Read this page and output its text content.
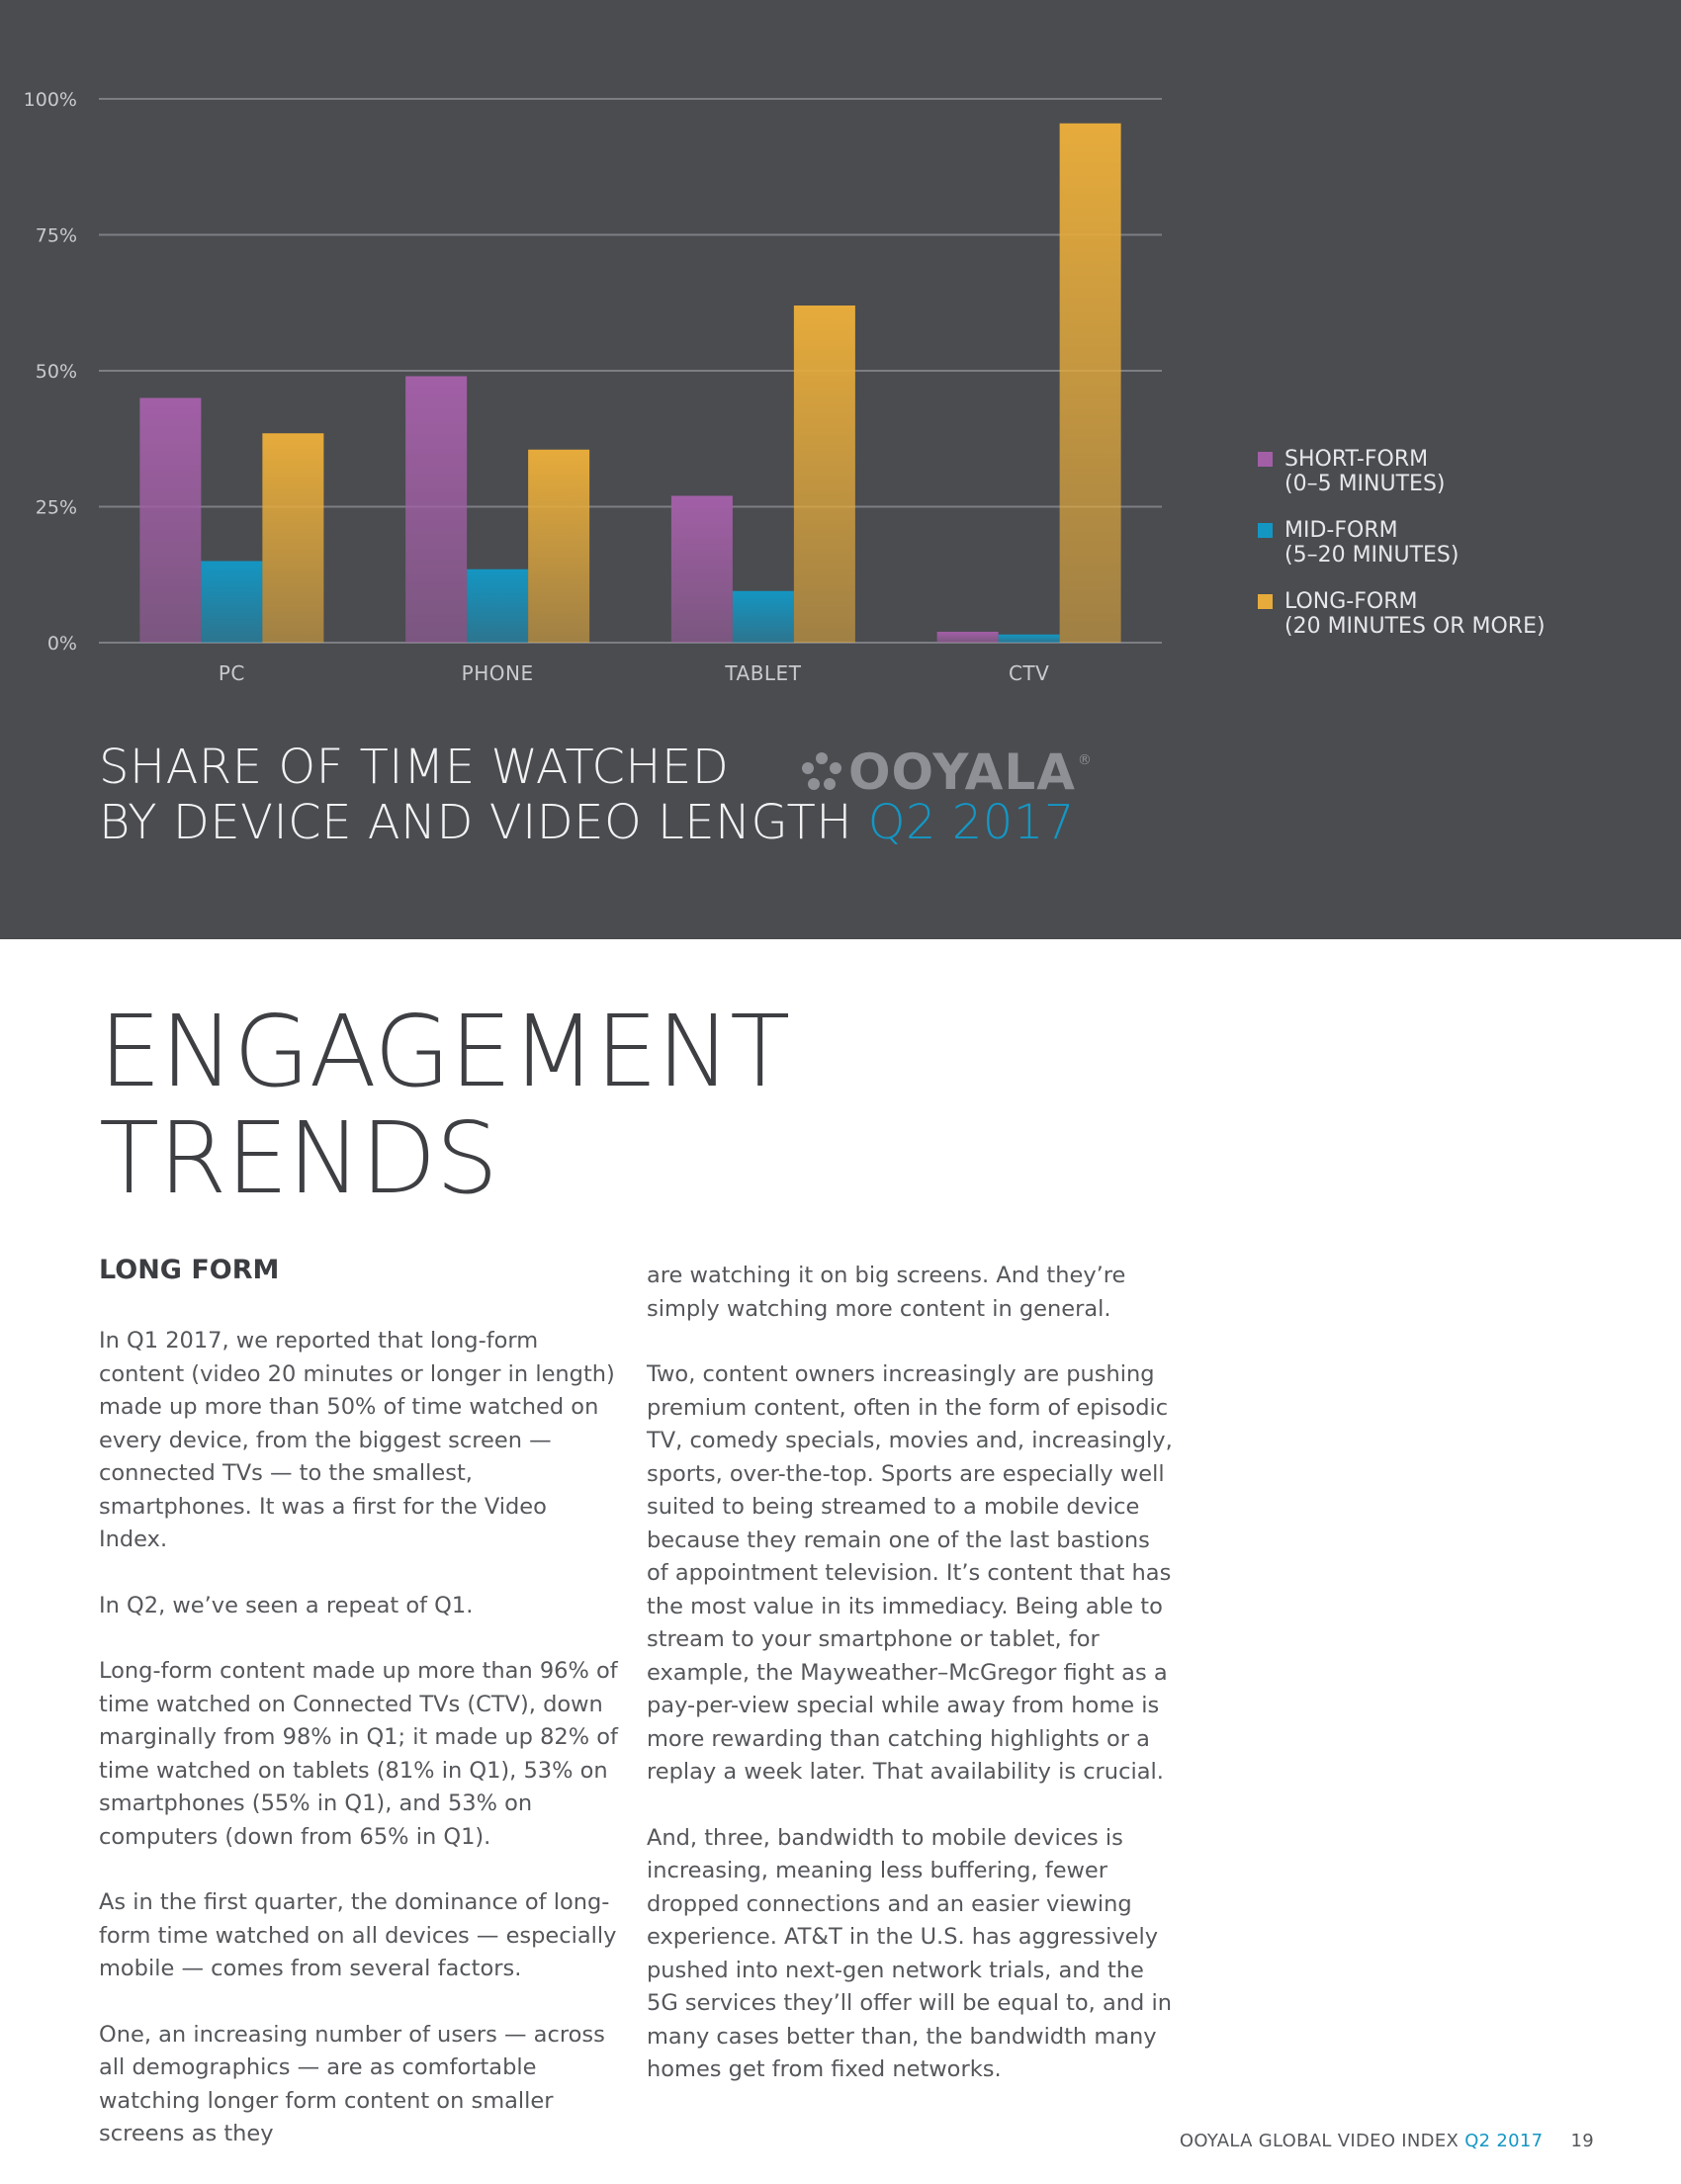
0%
25%
50%
75%
100%
PC	PHONE	TABLET	CTV
SHORT-FORM
(0–5 MINUTES)
MID-FORM
(5–20 MINUTES)
LONG-FORM
(20 MINUTES OR MORE)
OOYALA ®
SHARE OF TIME WATCHED
BY DEVICE AND VIDEO LENGTH Q2 2017
ENGAGEMENT
TRENDS
LONG FORM

In Q1 2017, we reported that long-form content (video 20 minutes or longer in length) made up more than 50% of time watched on every device, from the biggest screen — connected TVs — to the smallest, smartphones. It was a first for the Video Index.

In Q2, we’ve seen a repeat of Q1.

Long-form content made up more than 96% of time watched on Connected TVs (CTV), down marginally from 98% in Q1; it made up 82% of time watched on tablets (81% in Q1), 53% on smartphones (55% in Q1), and 53% on computers (down from 65% in Q1).

As in the first quarter, the dominance of long-form time watched on all devices — especially mobile — comes from several factors.

One, an increasing number of users — across all demographics — are as comfortable watching longer form content on smaller screens as they

are watching it on big screens. And they’re simply watching more content in general.

Two, content owners increasingly are pushing premium content, often in the form of episodic TV, comedy specials, movies and, increasingly, sports, over-the-top. Sports are especially well suited to being streamed to a mobile device because they remain one of the last bastions of appointment television. It’s content that has the most value in its immediacy. Being able to stream to your smartphone or tablet, for example, the Mayweather–McGregor fight as a pay-per-view special while away from home is more rewarding than catching highlights or a replay a week later. That availability is crucial.

And, three, bandwidth to mobile devices is increasing, meaning less buffering, fewer dropped connections and an easier viewing experience. AT&T in the U.S. has aggressively pushed into next-gen network trials, and the 5G services they’ll offer will be equal to, and in many cases better than, the bandwidth many homes get from fixed networks.

OOYALA GLOBAL VIDEO INDEX Q2 2017 19
